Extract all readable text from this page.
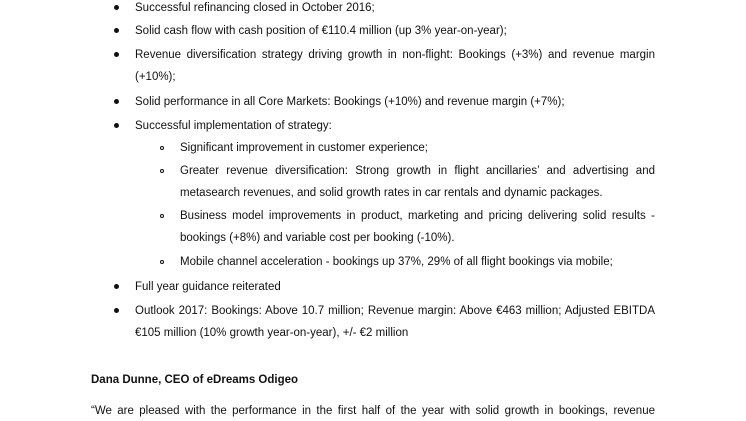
Successful refinancing closed in October 2016;
Solid cash flow with cash position of €110.4 million (up 3% year-on-year);
Revenue diversification strategy driving growth in non-flight: Bookings (+3%) and revenue margin (+10%);
Solid performance in all Core Markets: Bookings (+10%) and revenue margin (+7%);
Successful implementation of strategy:
Significant improvement in customer experience;
Greater revenue diversification: Strong growth in flight ancillaries’ and advertising and metasearch revenues, and solid growth rates in car rentals and dynamic packages.
Business model improvements in product, marketing and pricing delivering solid results - bookings (+8%) and variable cost per booking (-10%).
Mobile channel acceleration - bookings up 37%, 29% of all flight bookings via mobile;
Full year guidance reiterated
Outlook 2017: Bookings: Above 10.7 million; Revenue margin: Above €463 million; Adjusted EBITDA €105 million (10% growth year-on-year), +/- €2 million
Dana Dunne, CEO of eDreams Odigeo
“We are pleased with the performance in the first half of the year with solid growth in bookings, revenue
